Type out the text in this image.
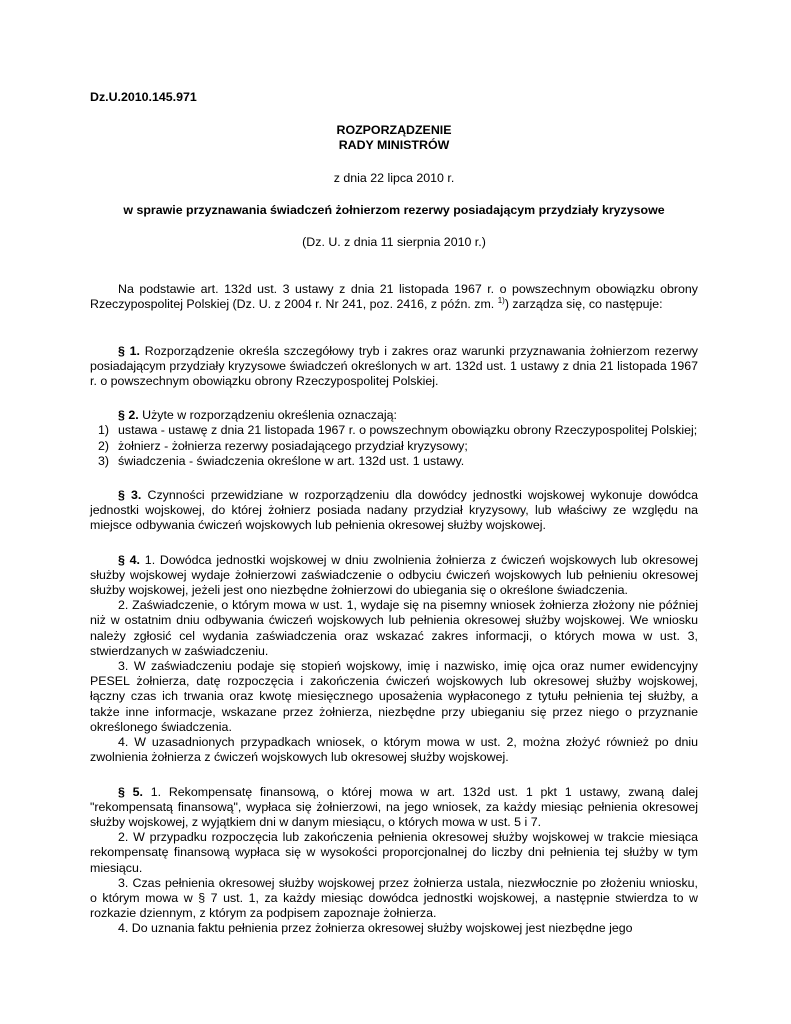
Dz.U.2010.145.971

ROZPORZĄDZENIE

RADY MINISTRÓW

z dnia 22 lipca 2010 r.

w sprawie przyznawania świadczeń żołnierzom rezerwy posiadającym przydziały kryzysowe

(Dz. U. z dnia 11 sierpnia 2010 r.)

Na podstawie art. 132d ust. 3 ustawy z dnia 21 listopada 1967 r. o powszechnym obowiązku obrony Rzeczypospolitej Polskiej (Dz. U. z 2004 r. Nr 241, poz. 2416, z późn. zm. $^{1)}$) zarządza się, co następuje:

§ 1. Rozporządzenie określa szczegółowy tryb i zakres oraz warunki przyznawania żołnierzom rezerwy posiadającym przydziały kryzysowe świadczeń określonych w art. 132d ust. 1 ustawy z dnia 21 listopada 1967 r. o powszechnym obowiązku obrony Rzeczypospolitej Polskiej.

§ 2. Użyte w rozporządzeniu określenia oznaczają:

1) ustawa - ustawę z dnia 21 listopada 1967 r. o powszechnym obowiązku obrony Rzeczypospolitej Polskiej;
2) żołnierz - żołnierza rezerwy posiadającego przydział kryzysowy;
3) świadczenia - świadczenia określone w art. 132d ust. 1 ustawy.

§ 3. Czynności przewidziane w rozporządzeniu dla dowódcy jednostki wojskowej wykonuje dowódca jednostki wojskowej, do której żołnierz posiada nadany przydział kryzysowy, lub właściwy ze względu na miejsce odbywania ćwiczeń wojskowych lub pełnienia okresowej służby wojskowej.

§ 4. 1. Dowódca jednostki wojskowej w dniu zwolnienia żołnierza z ćwiczeń wojskowych lub okresowej służby wojskowej wydaje żołnierzowi zaświadczenie o odbyciu ćwiczeń wojskowych lub pełnieniu okresowej służby wojskowej, jeżeli jest ono niezbędne żołnierzowi do ubiegania się o określone świadczenia.

2. Zaświadczenie, o którym mowa w ust. 1, wydaje się na pisemny wniosek żołnierza złożony nie później niż w ostatnim dniu odbywania ćwiczeń wojskowych lub pełnienia okresowej służby wojskowej. We wniosku należy zgłosić cel wydania zaświadczenia oraz wskazać zakres informacji, o których mowa w ust. 3, stwierdzanych w zaświadczeniu.

3. W zaświadczeniu podaje się stopień wojskowy, imię i nazwisko, imię ojca oraz numer ewidencyjny PESEL żołnierza, datę rozpoczęcia i zakończenia ćwiczeń wojskowych lub okresowej służby wojskowej, łączny czas ich trwania oraz kwotę miesięcznego uposażenia wypłaconego z tytułu pełnienia tej służby, a także inne informacje, wskazane przez żołnierza, niezbędne przy ubieganiu się przez niego o przyznanie określonego świadczenia.

4. W uzasadnionych przypadkach wniosek, o którym mowa w ust. 2, można złożyć również po dniu zwolnienia żołnierza z ćwiczeń wojskowych lub okresowej służby wojskowej.

§ 5. 1. Rekompensatę finansową, o której mowa w art. 132d ust. 1 pkt 1 ustawy, zwaną dalej "rekompensatą finansową", wypłaca się żołnierzowi, na jego wniosek, za każdy miesiąc pełnienia okresowej służby wojskowej, z wyjątkiem dni w danym miesiącu, o których mowa w ust. 5 i 7.

2. W przypadku rozpoczęcia lub zakończenia pełnienia okresowej służby wojskowej w trakcie miesiąca rekompensatę finansową wypłaca się w wysokości proporcjonalnej do liczby dni pełnienia tej służby w tym miesiącu.

3. Czas pełnienia okresowej służby wojskowej przez żołnierza ustala, niezwłocznie po złożeniu wniosku, o którym mowa w § 7 ust. 1, za każdy miesiąc dowódca jednostki wojskowej, a następnie stwierdza to w rozkazie dziennym, z którym za podpisem zapoznaje żołnierza.

4. Do uznania faktu pełnienia przez żołnierza okresowej służby wojskowej jest niezbędne jego
